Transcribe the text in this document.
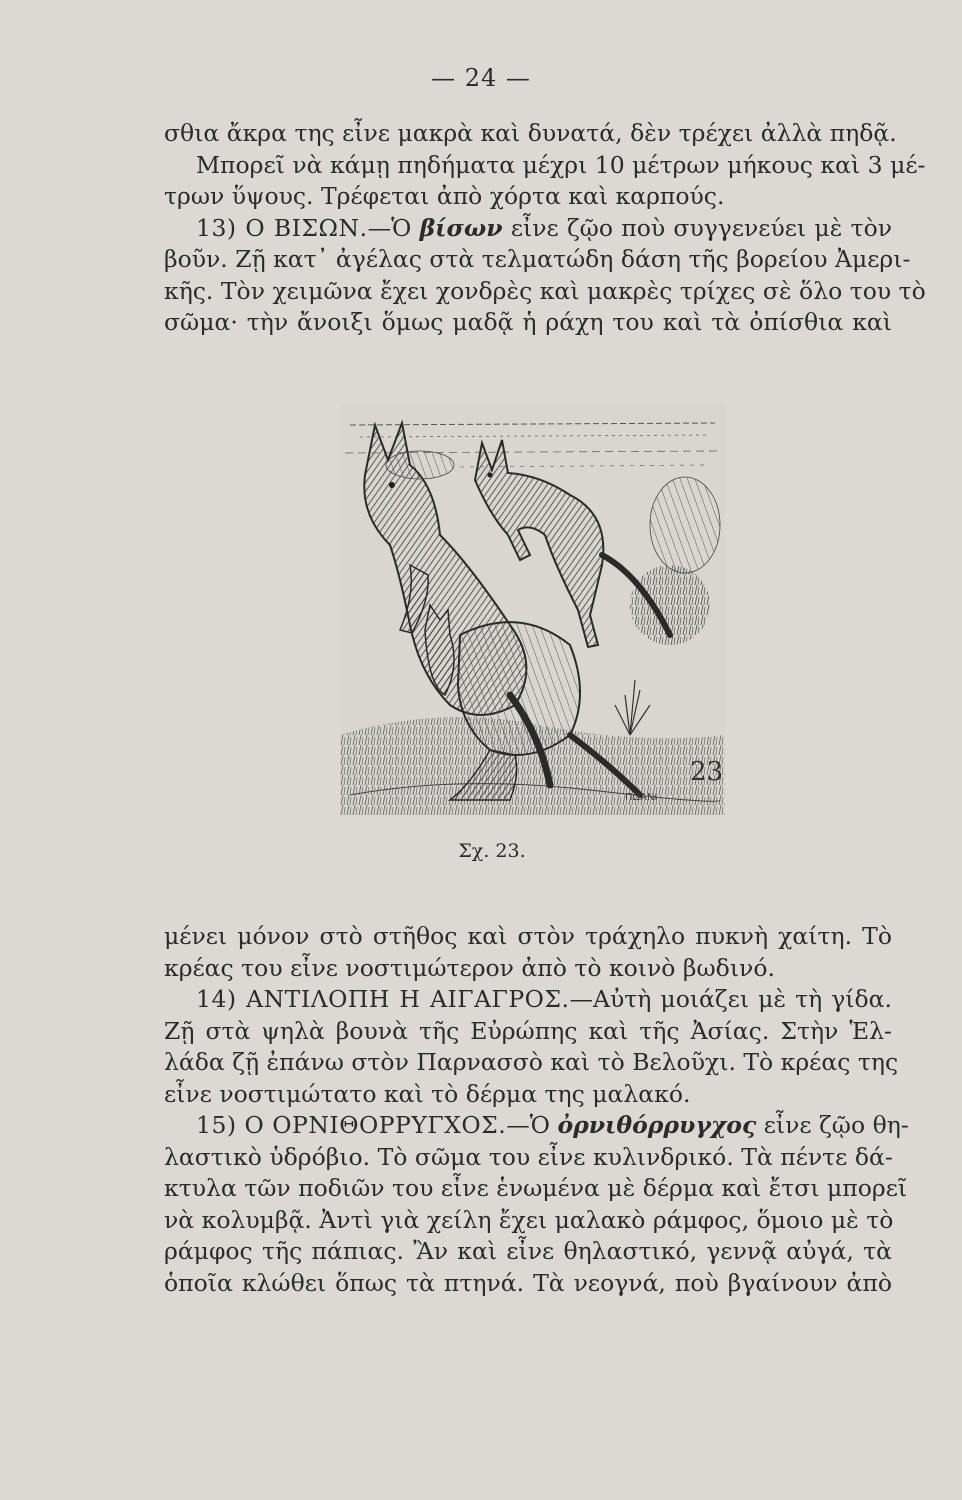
— 24 —
σθια ἄκρα της εἶνε μακρὰ καὶ δυνατά, δὲν τρέχει ἀλλὰ πηδᾷ.
Μπορεῖ νὰ κάμῃ πηδήματα μέχρι 10 μέτρων μήκους καὶ 3 μέ-
τρων ὕψους. Τρέφεται ἀπὸ χόρτα καὶ καρπούς.
13) Ο ΒΙΣΩΝ.—Ὁ βίσων εἶνε ζῷο ποὺ συγγενεύει μὲ τὸν
βοῦν. Ζῇ κατ᾽ ἀγέλας στὰ τελματώδη δάση τῆς βορείου Ἀμερι-
κῆς. Τὸν χειμῶνα ἔχει χονδρὲς καὶ μακρὲς τρίχες σὲ ὅλο του τὸ
σῶμα· τὴν ἄνοιξι ὅμως μαδᾷ ἡ ράχη του καὶ τὰ ὀπίσθια καὶ
23
ΠΩΑΝΙ
Σχ. 23.
μένει μόνον στὸ στῆθος καὶ στὸν τράχηλο πυκνὴ χαίτη. Τὸ
κρέας του εἶνε νοστιμώτερον ἀπὸ τὸ κοινὸ βωδινό.
14) ΑΝΤΙΛΟΠΗ Η ΑΙΓΑΓΡΟΣ.—Αὐτὴ μοιάζει μὲ τὴ γίδα.
Ζῇ στὰ ψηλὰ βουνὰ τῆς Εὐρώπης καὶ τῆς Ἀσίας. Στὴν Ἑλ-
λάδα ζῇ ἐπάνω στὸν Παρνασσὸ καὶ τὸ Βελοῦχι. Τὸ κρέας της
εἶνε νοστιμώτατο καὶ τὸ δέρμα της μαλακό.
15) Ο ΟΡΝΙΘΟΡΡΥΓΧΟΣ.—Ὁ ὀρνιθόρρυγχος εἶνε ζῷο θη-
λαστικὸ ὑδρόβιο. Τὸ σῶμα του εἶνε κυλινδρικό. Τὰ πέντε δά-
κτυλα τῶν ποδιῶν του εἶνε ἑνωμένα μὲ δέρμα καὶ ἔτσι μπορεῖ
νὰ κολυμβᾷ. Ἀντὶ γιὰ χείλη ἔχει μαλακὸ ράμφος, ὅμοιο μὲ τὸ
ράμφος τῆς πάπιας. Ἂν καὶ εἶνε θηλαστικό, γεννᾷ αὐγά, τὰ
ὁποῖα κλώθει ὅπως τὰ πτηνά. Τὰ νεογνά, ποὺ βγαίνουν ἀπὸ
